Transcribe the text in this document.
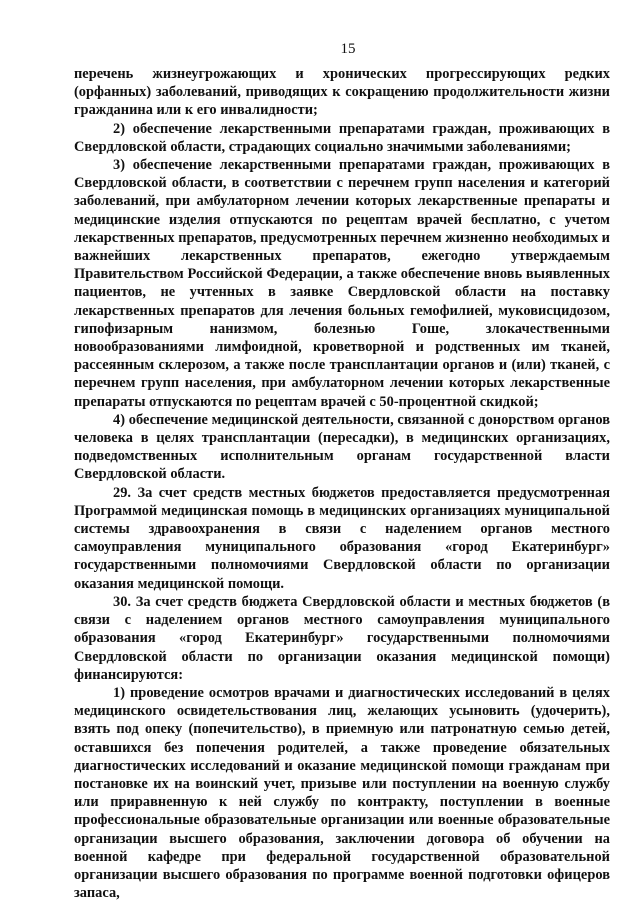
15

перечень жизнеугрожающих и хронических прогрессирующих редких (орфанных) заболеваний, приводящих к сокращению продолжительности жизни гражданина или к его инвалидности;

2) обеспечение лекарственными препаратами граждан, проживающих в Свердловской области, страдающих социально значимыми заболеваниями;

3) обеспечение лекарственными препаратами граждан, проживающих в Свердловской области, в соответствии с перечнем групп населения и категорий заболеваний, при амбулаторном лечении которых лекарственные препараты и медицинские изделия отпускаются по рецептам врачей бесплатно, с учетом лекарственных препаратов, предусмотренных перечнем жизненно необходимых и важнейших лекарственных препаратов, ежегодно утверждаемым Правительством Российской Федерации, а также обеспечение вновь выявленных пациентов, не учтенных в заявке Свердловской области на поставку лекарственных препаратов для лечения больных гемофилией, муковисцидозом, гипофизарным нанизмом, болезнью Гоше, злокачественными новообразованиями лимфоидной, кроветворной и родственных им тканей, рассеянным склерозом, а также после трансплантации органов и (или) тканей, с перечнем групп населения, при амбулаторном лечении которых лекарственные препараты отпускаются по рецептам врачей с 50-процентной скидкой;

4) обеспечение медицинской деятельности, связанной с донорством органов человека в целях трансплантации (пересадки), в медицинских организациях, подведомственных исполнительным органам государственной власти Свердловской области.

29. За счет средств местных бюджетов предоставляется предусмотренная Программой медицинская помощь в медицинских организациях муниципальной системы здравоохранения в связи с наделением органов местного самоуправления муниципального образования «город Екатеринбург» государственными полномочиями Свердловской области по организации оказания медицинской помощи.

30. За счет средств бюджета Свердловской области и местных бюджетов (в связи с наделением органов местного самоуправления муниципального образования «город Екатеринбург» государственными полномочиями Свердловской области по организации оказания медицинской помощи) финансируются:

1) проведение осмотров врачами и диагностических исследований в целях медицинского освидетельствования лиц, желающих усыновить (удочерить), взять под опеку (попечительство), в приемную или патронатную семью детей, оставшихся без попечения родителей, а также проведение обязательных диагностических исследований и оказание медицинской помощи гражданам при постановке их на воинский учет, призыве или поступлении на военную службу или приравненную к ней службу по контракту, поступлении в военные профессиональные образовательные организации или военные образовательные организации высшего образования, заключении договора об обучении на военной кафедре при федеральной государственной образовательной организации высшего образования по программе военной подготовки офицеров запаса,
